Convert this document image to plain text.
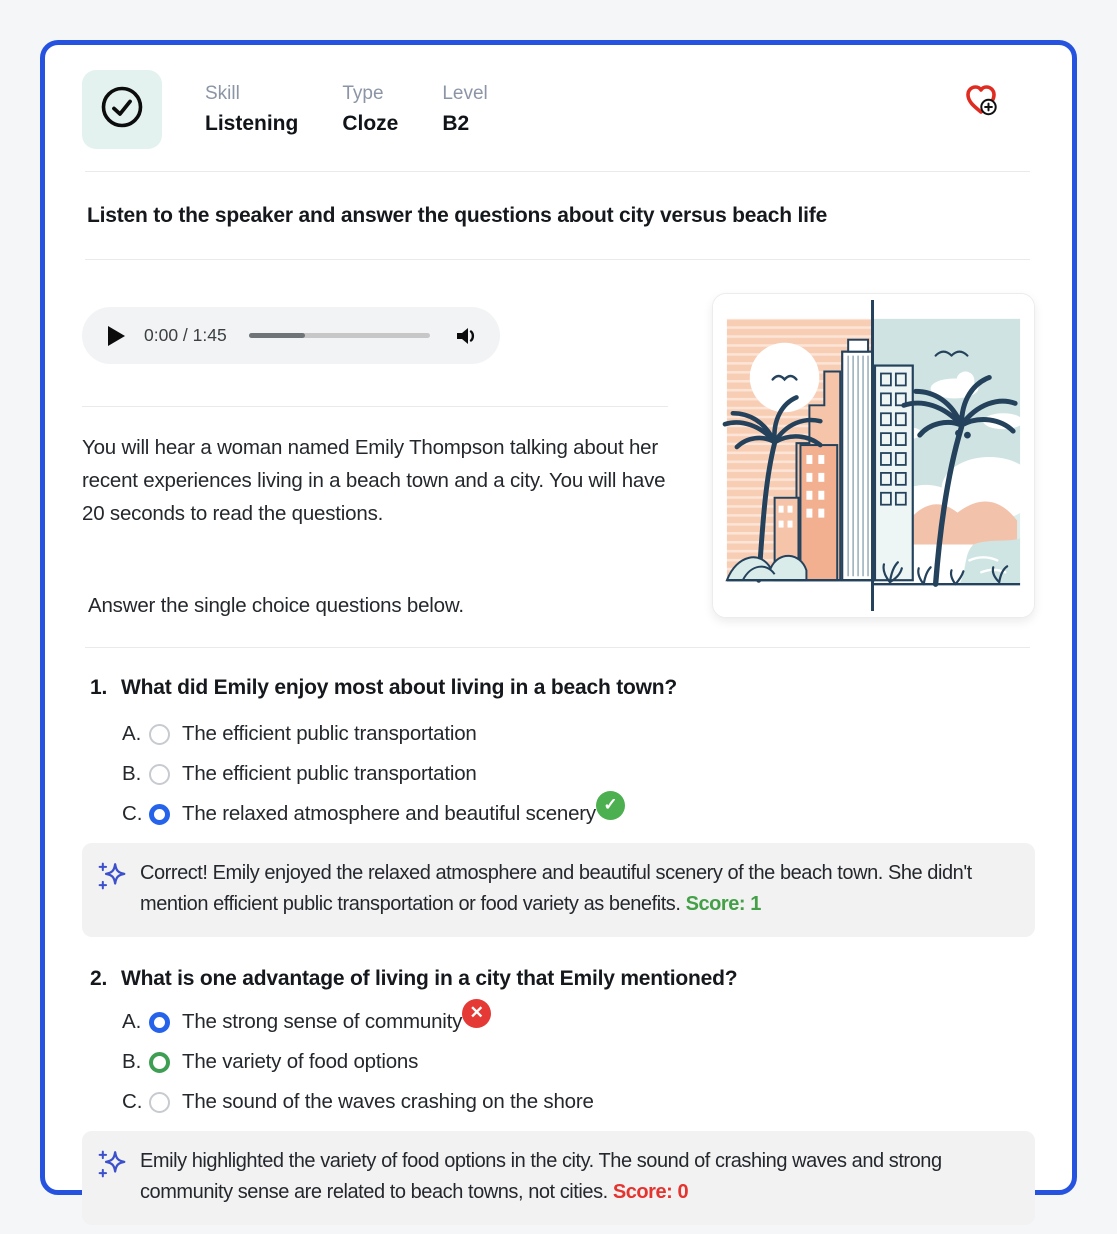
Skill
Listening
Type
Cloze
Level
B2
Listen to the speaker and answer the questions about city versus beach life
0:00 / 1:45

You will hear a woman named Emily Thompson talking about her recent experiences living in a beach town and a city. You will have 20 seconds to read the questions.

Answer the single choice questions below.

1. What did Emily enjoy most about living in a beach town?
A. The efficient public transportation
B. The efficient public transportation
C. The relaxed atmosphere and beautiful scenery ✓

Correct! Emily enjoyed the relaxed atmosphere and beautiful scenery of the beach town. She didn't mention efficient public transportation or food variety as benefits. Score: 1

2. What is one advantage of living in a city that Emily mentioned?
A. The strong sense of community ✕
B. The variety of food options
C. The sound of the waves crashing on the shore

Emily highlighted the variety of food options in the city. The sound of crashing waves and strong community sense are related to beach towns, not cities. Score: 0
